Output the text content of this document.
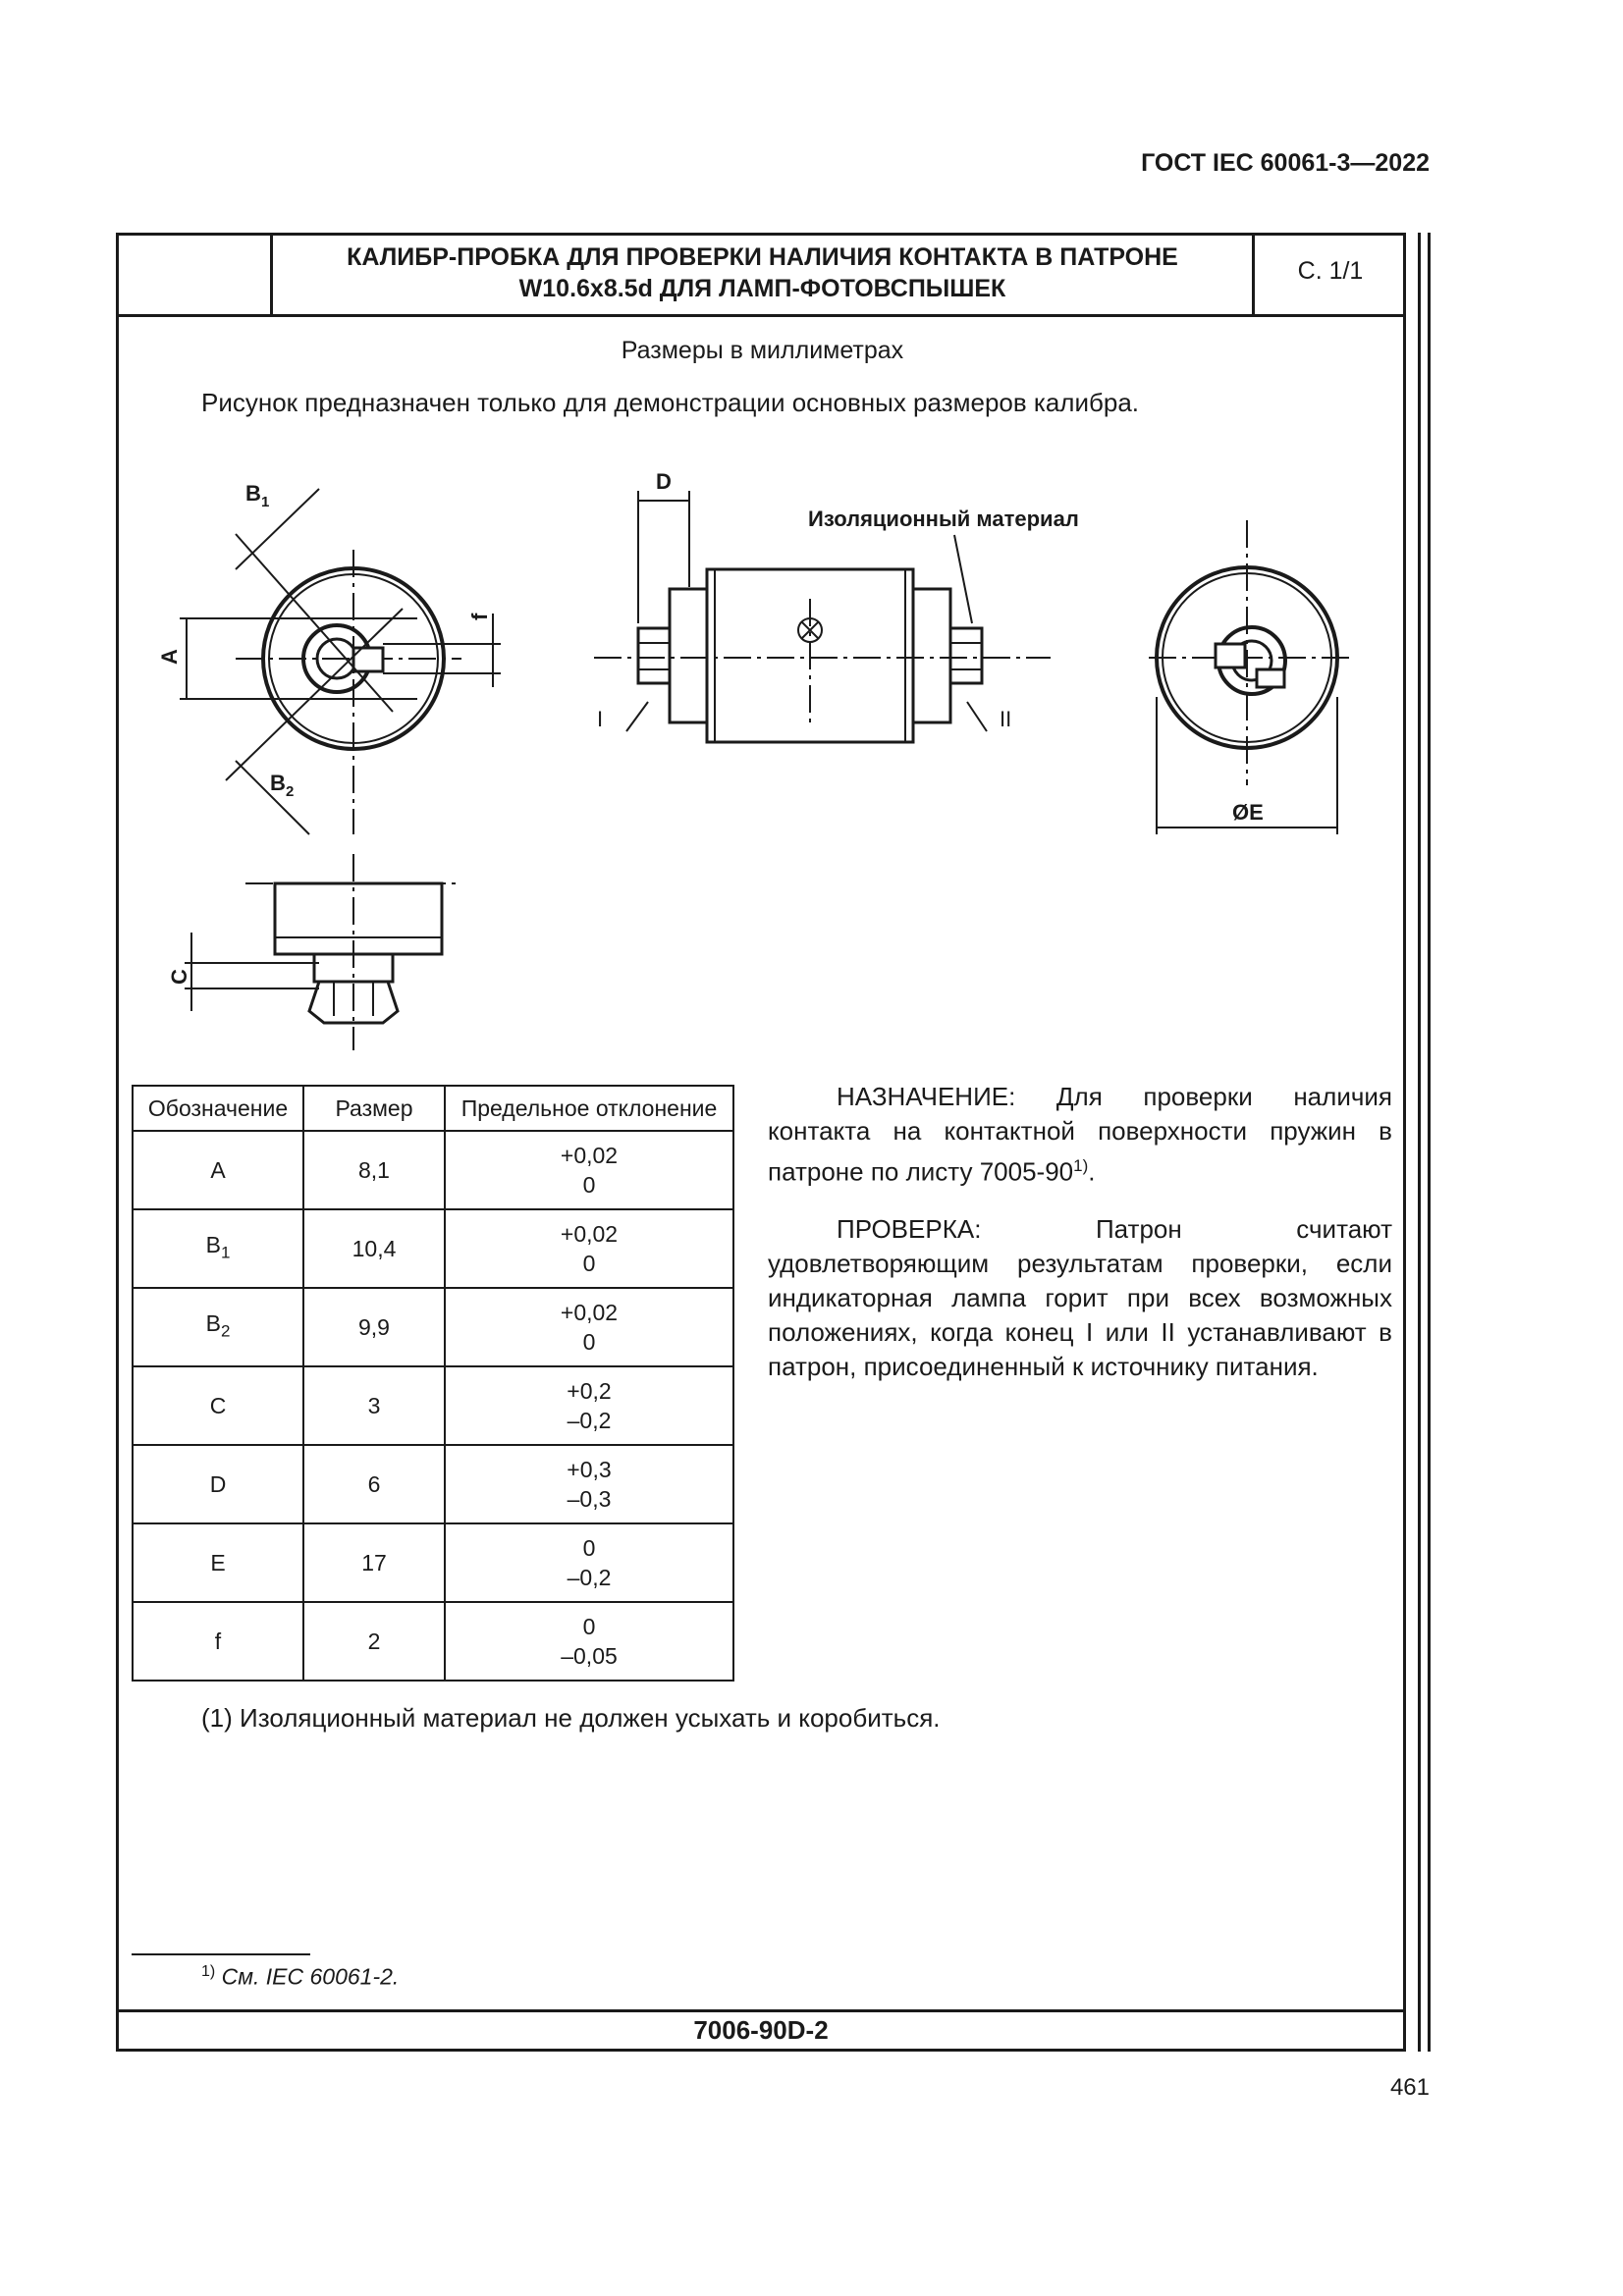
ГОСТ IEC 60061-3—2022
КАЛИБР-ПРОБКА ДЛЯ ПРОВЕРКИ НАЛИЧИЯ КОНТАКТА В ПАТРОНЕ
W10.6x8.5d ДЛЯ ЛАМП-ФОТОВСПЫШЕК
С. 1/1
Размеры в миллиметрах
Рисунок предназначен только для демонстрации основных размеров калибра.
B 1
B 2
A
f
C
D
Изоляционный материал
I	II
ØE
Обозначение	Размер	Предельное отклонение
A	8,1	+0,02
0

$B_1$	10,4	+0,02
0

$B_2$	9,9	+0,02
0

C	3	+0,2
–0,2

D	6	+0,3
–0,3

E	17	0
–0,2

f	2	0
–0,05

НАЗНАЧЕНИЕ: Для проверки наличия контакта на контактной поверхности пружин в патроне по листу 7005-90$^{1)}$.

ПРОВЕРКА: Патрон считают удовлетворяющим результатам проверки, если индикаторная лампа горит при всех возможных положениях, когда конец I или II устанавливают в патрон, присоединенный к источнику питания.

(1) Изоляционный материал не должен усыхать и коробиться.
$^{1)}$ См. IEC 60061-2.
7006-90D-2
461
